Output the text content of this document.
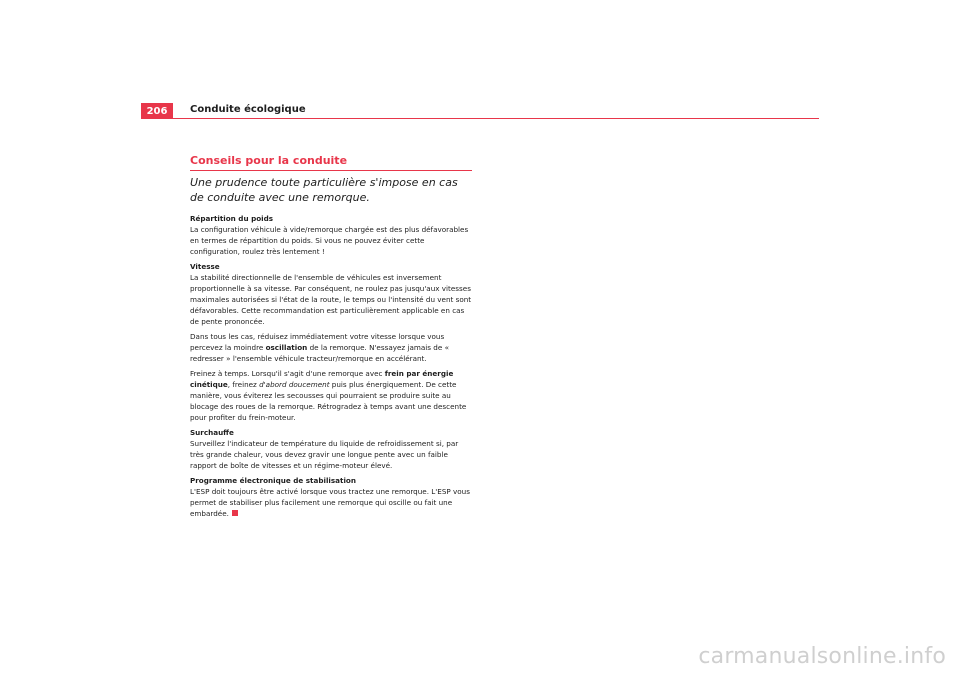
206	Conduite écologique
Conseils pour la conduite
Une prudence toute particulière s'impose en cas de conduite avec une remorque.
Répartition du poids

La configuration véhicule à vide/remorque chargée est des plus défavorables en termes de répartition du poids. Si vous ne pouvez éviter cette configuration, roulez très lentement !

Vitesse

La stabilité directionnelle de l'ensemble de véhicules est inversement proportionnelle à sa vitesse. Par conséquent, ne roulez pas jusqu'aux vitesses maximales autorisées si l'état de la route, le temps ou l'intensité du vent sont défavorables. Cette recommandation est particulièrement applicable en cas de pente prononcée.

Dans tous les cas, réduisez immédiatement votre vitesse lorsque vous percevez la moindre oscillation de la remorque. N'essayez jamais de « redresser » l'ensemble véhicule tracteur/remorque en accélérant.

Freinez à temps. Lorsqu'il s'agit d'une remorque avec frein par énergie cinétique, freinez d'abord doucement puis plus énergiquement. De cette manière, vous éviterez les secousses qui pourraient se produire suite au blocage des roues de la remorque. Rétrogradez à temps avant une descente pour profiter du frein-moteur.

Surchauffe

Surveillez l'indicateur de température du liquide de refroidissement si, par très grande chaleur, vous devez gravir une longue pente avec un faible rapport de boîte de vitesses et un régime-moteur élevé.

Programme électronique de stabilisation

L'ESP doit toujours être activé lorsque vous tractez une remorque. L'ESP vous permet de stabiliser plus facilement une remorque qui oscille ou fait une embardée.

carmanualsonline.info
